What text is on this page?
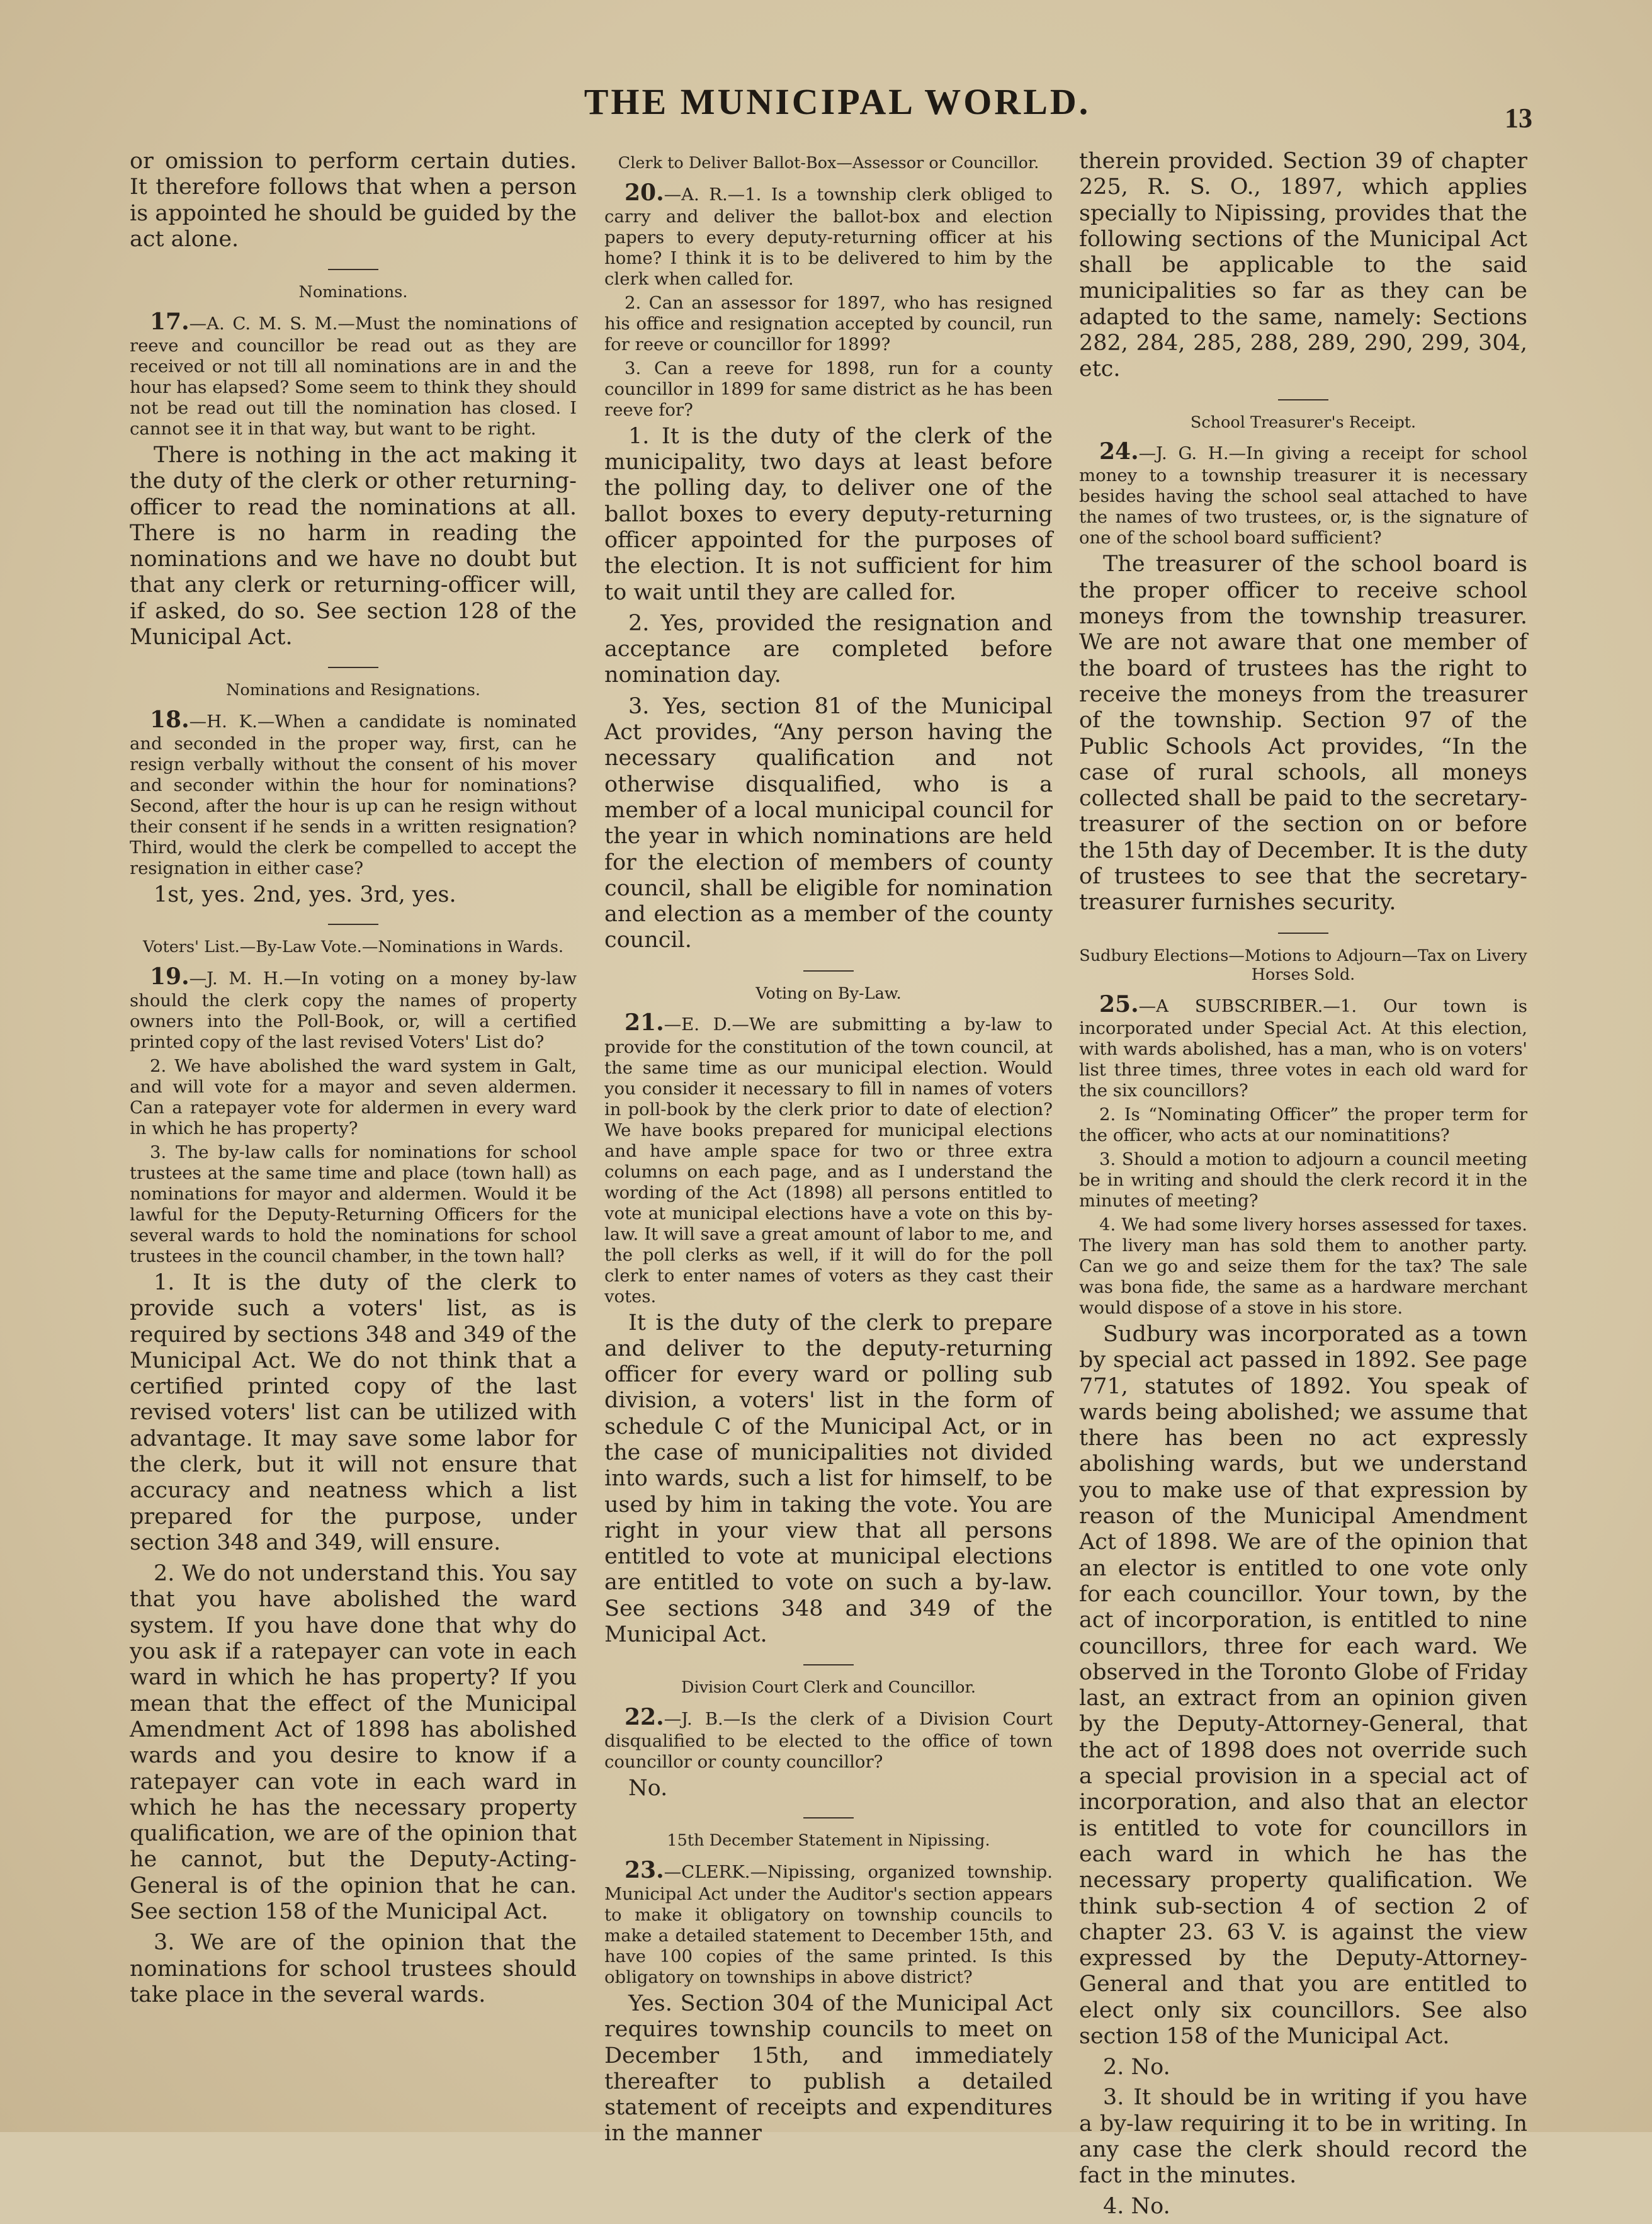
THE MUNICIPAL WORLD.	13

or omission to perform certain duties. It therefore follows that when a person is appointed he should be guided by the act alone.

Nominations.

17.—A. C. M. S. M.—Must the nominations of reeve and councillor be read out as they are received or not till all nominations are in and the hour has elapsed? Some seem to think they should not be read out till the nomination has closed. I cannot see it in that way, but want to be right.

There is nothing in the act making it the duty of the clerk or other returning-officer to read the nominations at all. There is no harm in reading the nominations and we have no doubt but that any clerk or returning-officer will, if asked, do so. See section 128 of the Municipal Act.

Nominations and Resignations.

18.—H. K.—When a candidate is nominated and seconded in the proper way, first, can he resign verbally without the consent of his mover and seconder within the hour for nominations? Second, after the hour is up can he resign without their consent if he sends in a written resignation? Third, would the clerk be compelled to accept the resignation in either case?

1st, yes. 2nd, yes. 3rd, yes.

Voters' List.—By-Law Vote.—Nominations in Wards.

19.—J. M. H.—In voting on a money by-law should the clerk copy the names of property owners into the Poll-Book, or, will a certified printed copy of the last revised Voters' List do?

2. We have abolished the ward system in Galt, and will vote for a mayor and seven aldermen. Can a ratepayer vote for aldermen in every ward in which he has property?

3. The by-law calls for nominations for school trustees at the same time and place (town hall) as nominations for mayor and aldermen. Would it be lawful for the Deputy-Returning Officers for the several wards to hold the nominations for school trustees in the council chamber, in the town hall?

1. It is the duty of the clerk to provide such a voters' list, as is required by sections 348 and 349 of the Municipal Act. We do not think that a certified printed copy of the last revised voters' list can be utilized with advantage. It may save some labor for the clerk, but it will not ensure that accuracy and neatness which a list prepared for the purpose, under section 348 and 349, will ensure.

2. We do not understand this. You say that you have abolished the ward system. If you have done that why do you ask if a ratepayer can vote in each ward in which he has property? If you mean that the effect of the Municipal Amendment Act of 1898 has abolished wards and you desire to know if a ratepayer can vote in each ward in which he has the necessary property qualification, we are of the opinion that he cannot, but the Deputy-Acting-General is of the opinion that he can. See section 158 of the Municipal Act.

3. We are of the opinion that the nominations for school trustees should take place in the several wards.

Clerk to Deliver Ballot-Box—Assessor or Councillor.

20.—A. R.—1. Is a township clerk obliged to carry and deliver the ballot-box and election papers to every deputy-returning officer at his home? I think it is to be delivered to him by the clerk when called for.

2. Can an assessor for 1897, who has resigned his office and resignation accepted by council, run for reeve or councillor for 1899?

3. Can a reeve for 1898, run for a county councillor in 1899 for same district as he has been reeve for?

1. It is the duty of the clerk of the municipality, two days at least before the polling day, to deliver one of the ballot boxes to every deputy-returning officer appointed for the purposes of the election. It is not sufficient for him to wait until they are called for.

2. Yes, provided the resignation and acceptance are completed before nomination day.

3. Yes, section 81 of the Municipal Act provides, “Any person having the necessary qualification and not otherwise disqualified, who is a member of a local municipal council for the year in which nominations are held for the election of members of county council, shall be eligible for nomination and election as a member of the county council.

Voting on By-Law.

21.—E. D.—We are submitting a by-law to provide for the constitution of the town council, at the same time as our municipal election. Would you consider it necessary to fill in names of voters in poll-book by the clerk prior to date of election? We have books prepared for municipal elections and have ample space for two or three extra columns on each page, and as I understand the wording of the Act (1898) all persons entitled to vote at municipal elections have a vote on this by-law. It will save a great amount of labor to me, and the poll clerks as well, if it will do for the poll clerk to enter names of voters as they cast their votes.

It is the duty of the clerk to prepare and deliver to the deputy-returning officer for every ward or polling sub division, a voters' list in the form of schedule C of the Municipal Act, or in the case of municipalities not divided into wards, such a list for himself, to be used by him in taking the vote. You are right in your view that all persons entitled to vote at municipal elections are entitled to vote on such a by-law. See sections 348 and 349 of the Municipal Act.

Division Court Clerk and Councillor.

22.—J. B.—Is the clerk of a Division Court disqualified to be elected to the office of town councillor or county councillor?

No.

15th December Statement in Nipissing.

23.—CLERK.—Nipissing, organized township. Municipal Act under the Auditor's section appears to make it obligatory on township councils to make a detailed statement to December 15th, and have 100 copies of the same printed. Is this obligatory on townships in above district?

Yes. Section 304 of the Municipal Act requires township councils to meet on December 15th, and immediately thereafter to publish a detailed statement of receipts and expenditures in the manner

therein provided. Section 39 of chapter 225, R. S. O., 1897, which applies specially to Nipissing, provides that the following sections of the Municipal Act shall be applicable to the said municipalities so far as they can be adapted to the same, namely: Sections 282, 284, 285, 288, 289, 290, 299, 304, etc.

School Treasurer's Receipt.

24.—J. G. H.—In giving a receipt for school money to a township treasurer it is necessary besides having the school seal attached to have the names of two trustees, or, is the signature of one of the school board sufficient?

The treasurer of the school board is the proper officer to receive school moneys from the township treasurer. We are not aware that one member of the board of trustees has the right to receive the moneys from the treasurer of the township. Section 97 of the Public Schools Act provides, “In the case of rural schools, all moneys collected shall be paid to the secretary-treasurer of the section on or before the 15th day of December. It is the duty of trustees to see that the secretary-treasurer furnishes security.

Sudbury Elections—Motions to Adjourn—Tax on Livery Horses Sold.

25.—A SUBSCRIBER.—1. Our town is incorporated under Special Act. At this election, with wards abolished, has a man, who is on voters' list three times, three votes in each old ward for the six councillors?

2. Is “Nominating Officer” the proper term for the officer, who acts at our nominatitions?

3. Should a motion to adjourn a council meeting be in writing and should the clerk record it in the minutes of meeting?

4. We had some livery horses assessed for taxes. The livery man has sold them to another party. Can we go and seize them for the tax? The sale was bona fide, the same as a hardware merchant would dispose of a stove in his store.

Sudbury was incorporated as a town by special act passed in 1892. See page 771, statutes of 1892. You speak of wards being abolished; we assume that there has been no act expressly abolishing wards, but we understand you to make use of that expression by reason of the Municipal Amendment Act of 1898. We are of the opinion that an elector is entitled to one vote only for each councillor. Your town, by the act of incorporation, is entitled to nine councillors, three for each ward. We observed in the Toronto Globe of Friday last, an extract from an opinion given by the Deputy-Attorney-General, that the act of 1898 does not override such a special provision in a special act of incorporation, and also that an elector is entitled to vote for councillors in each ward in which he has the necessary property qualification. We think sub-section 4 of section 2 of chapter 23. 63 V. is against the view expressed by the Deputy-Attorney-General and that you are entitled to elect only six councillors. See also section 158 of the Municipal Act.

2. No.

3. It should be in writing if you have a by-law requiring it to be in writing. In any case the clerk should record the fact in the minutes.

4. No.
